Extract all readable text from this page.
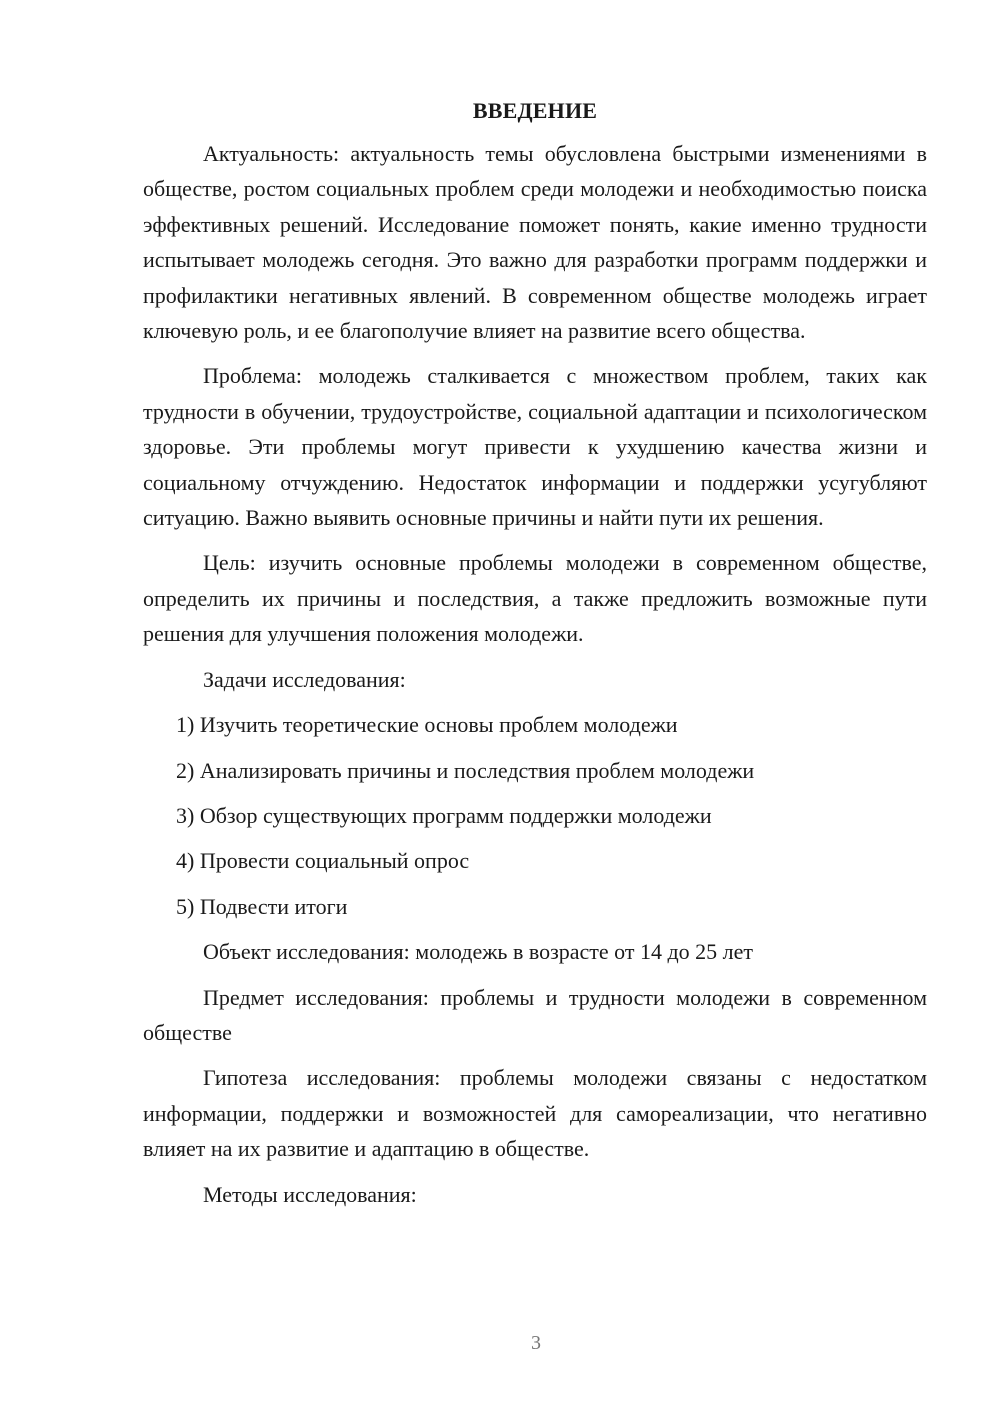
ВВЕДЕНИЕ

Актуальность: актуальность темы обусловлена быстрыми изменениями в обществе, ростом социальных проблем среди молодежи и необходимостью поиска эффективных решений. Исследование поможет понять, какие именно трудности испытывает молодежь сегодня. Это важно для разработки программ поддержки и профилактики негативных явлений. В современном обществе молодежь играет ключевую роль, и ее благополучие влияет на развитие всего общества.

Проблема: молодежь сталкивается с множеством проблем, таких как трудности в обучении, трудоустройстве, социальной адаптации и психологическом здоровье. Эти проблемы могут привести к ухудшению качества жизни и социальному отчуждению. Недостаток информации и поддержки усугубляют ситуацию. Важно выявить основные причины и найти пути их решения.

Цель: изучить основные проблемы молодежи в современном обществе, определить их причины и последствия, а также предложить возможные пути решения для улучшения положения молодежи.

Задачи исследования:

1) Изучить теоретические основы проблем молодежи
2) Анализировать причины и последствия проблем молодежи
3) Обзор существующих программ поддержки молодежи
4) Провести социальный опрос
5) Подвести итоги

Объект исследования: молодежь в возрасте от 14 до 25 лет

Предмет исследования: проблемы и трудности молодежи в современном обществе

Гипотеза исследования: проблемы молодежи связаны с недостатком информации, поддержки и возможностей для самореализации, что негативно влияет на их развитие и адаптацию в обществе.

Методы исследования:

3
